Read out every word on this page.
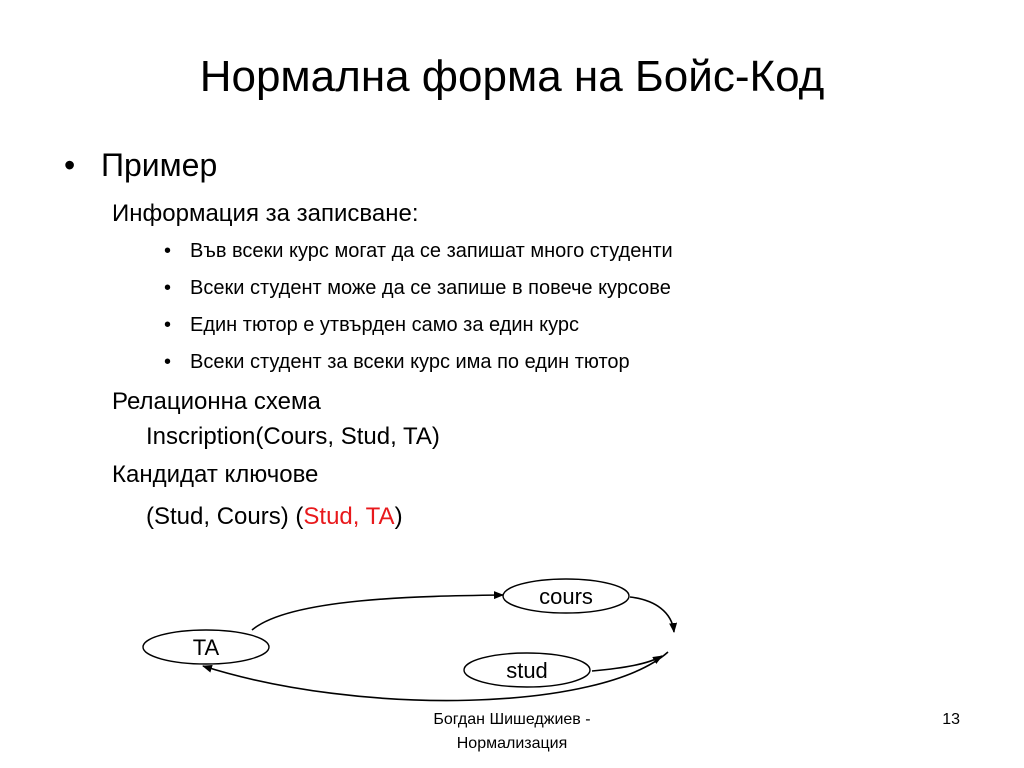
Нормална форма на Бойс-Код
• Пример
Информация за записване:
• Във всеки курс могат да се запишат много студенти
• Всеки студент може да се запише в повече курсове
• Един тютор е утвърден само за един курс
• Всеки студент за всеки курс има по един тютор
Релационна схема
Inscription(Cours, Stud, TA)
Кандидат ключове
(Stud, Cours) (Stud, TA)
TA
cours
stud
Богдан Шишеджиев -
Нормализация
13
